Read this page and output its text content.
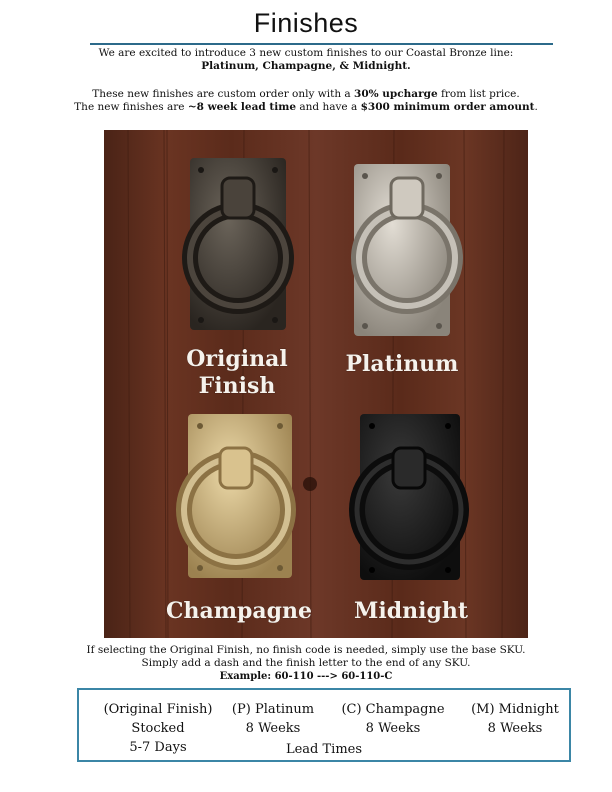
Finishes
We are excited to introduce 3 new custom finishes to our Coastal Bronze line:
Platinum, Champagne, & Midnight.
These new finishes are custom order only with a 30% upcharge from list price.
The new finishes are ~8 week lead time and have a $300 minimum order amount.
Original
Finish
Platinum
Champagne Midnight
If selecting the Original Finish, no finish code is needed, simply use the base SKU.
Simply add a dash and the finish letter to the end of any SKU.
Example: 60-110 ---> 60-110-C
(Original Finish)
Stocked
5-7 Days
(P) Platinum
8 Weeks
(C) Champagne
8 Weeks
(M) Midnight
8 Weeks
Lead Times
